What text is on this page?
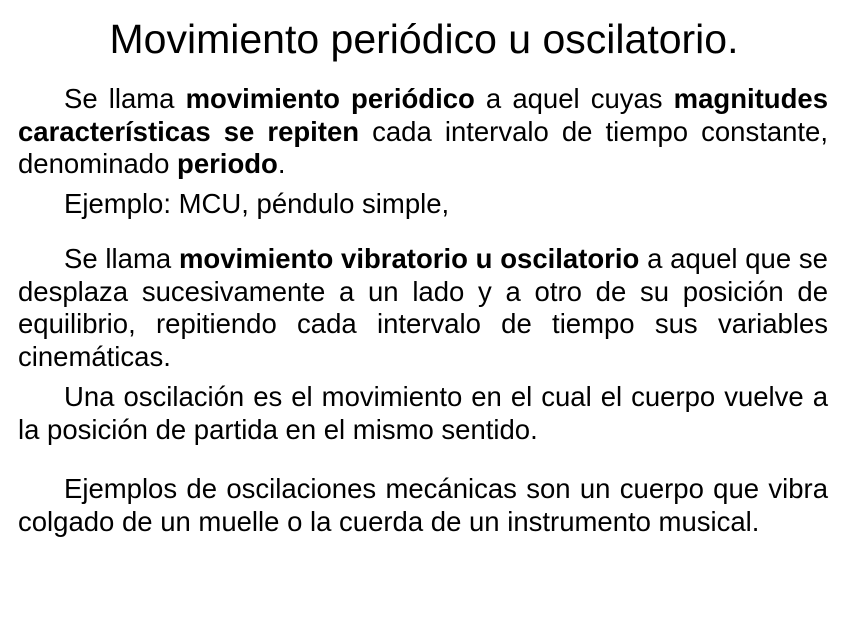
Movimiento periódico u oscilatorio.

Se llama movimiento periódico a aquel cuyas magnitudes características se repiten cada intervalo de tiempo constante, denominado periodo.

Ejemplo: MCU, péndulo simple,

Se llama movimiento vibratorio u oscilatorio a aquel que se desplaza sucesivamente a un lado y a otro de su posición de equilibrio, repitiendo cada intervalo de tiempo sus variables cinemáticas.

Una oscilación es el movimiento en el cual el cuerpo vuelve a la posición de partida en el mismo sentido.

Ejemplos de oscilaciones mecánicas son un cuerpo que vibra colgado de un muelle o la cuerda de un instrumento musical.
